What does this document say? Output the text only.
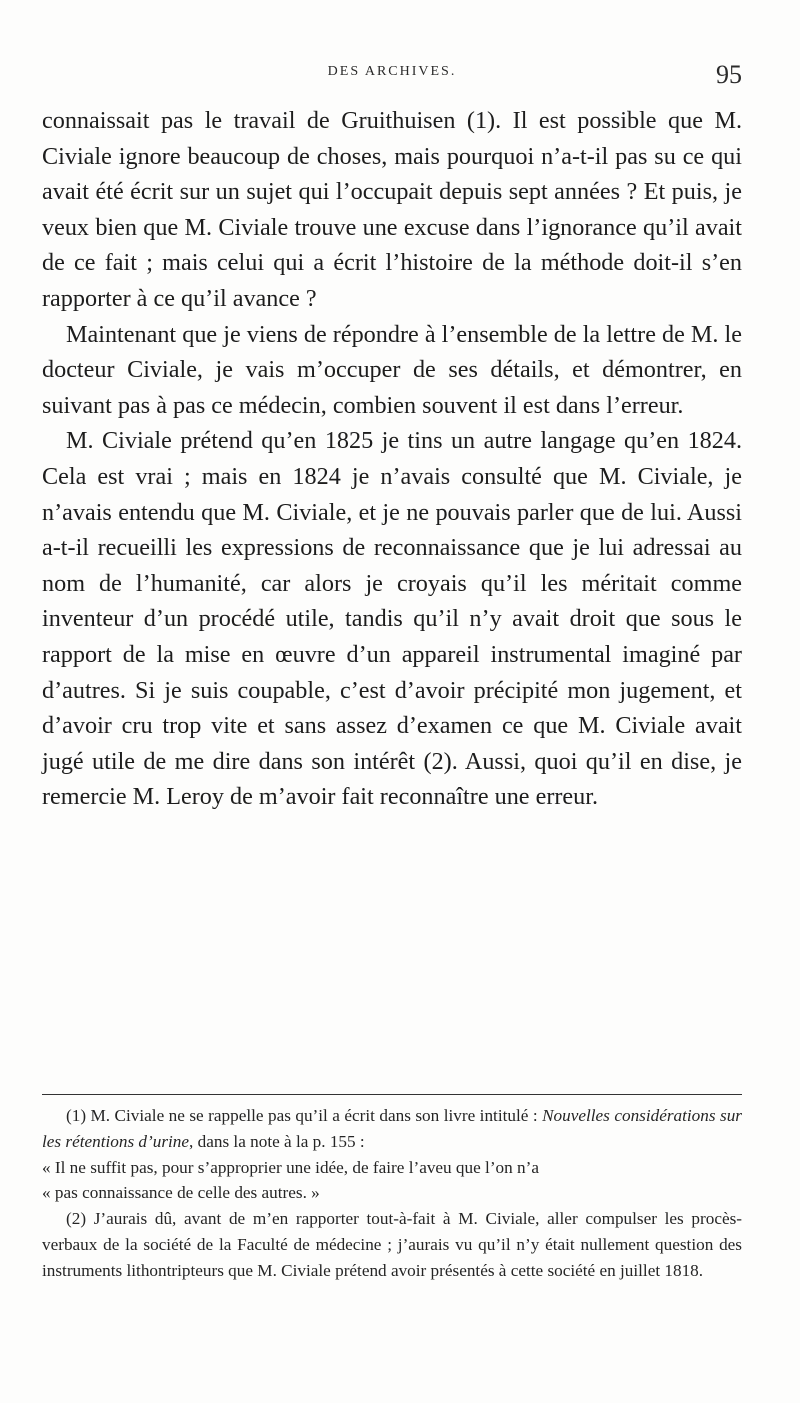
DES ARCHIVES.	95

connaissait pas le travail de Gruithuisen (1). Il est possible que M. Civiale ignore beaucoup de choses, mais pourquoi n’a-t-il pas su ce qui avait été écrit sur un sujet qui l’occupait depuis sept années ? Et puis, je veux bien que M. Civiale trouve une excuse dans l’ignorance qu’il avait de ce fait ; mais celui qui a écrit l’histoire de la méthode doit-il s’en rapporter à ce qu’il avance ?

Maintenant que je viens de répondre à l’ensemble de la lettre de M. le docteur Civiale, je vais m’occuper de ses détails, et démontrer, en suivant pas à pas ce médecin, combien souvent il est dans l’erreur.

M. Civiale prétend qu’en 1825 je tins un autre langage qu’en 1824. Cela est vrai ; mais en 1824 je n’avais consulté que M. Civiale, je n’avais entendu que M. Civiale, et je ne pouvais parler que de lui. Aussi a-t-il recueilli les expressions de reconnaissance que je lui adressai au nom de l’humanité, car alors je croyais qu’il les méritait comme inventeur d’un procédé utile, tandis qu’il n’y avait droit que sous le rapport de la mise en œuvre d’un appareil instrumental imaginé par d’autres. Si je suis coupable, c’est d’avoir précipité mon jugement, et d’avoir cru trop vite et sans assez d’examen ce que M. Civiale avait jugé utile de me dire dans son intérêt (2). Aussi, quoi qu’il en dise, je remercie M. Leroy de m’avoir fait reconnaître une erreur.

(1) M. Civiale ne se rappelle pas qu’il a écrit dans son livre intitulé : Nouvelles considérations sur les rétentions d’urine, dans la note à la p. 155 :

« Il ne suffit pas, pour s’approprier une idée, de faire l’aveu que l’on n’a

« pas connaissance de celle des autres. »

(2) J’aurais dû, avant de m’en rapporter tout-à-fait à M. Civiale, aller compulser les procès-verbaux de la société de la Faculté de médecine ; j’aurais vu qu’il n’y était nullement question des instruments lithontripteurs que M. Civiale prétend avoir présentés à cette société en juillet 1818.
